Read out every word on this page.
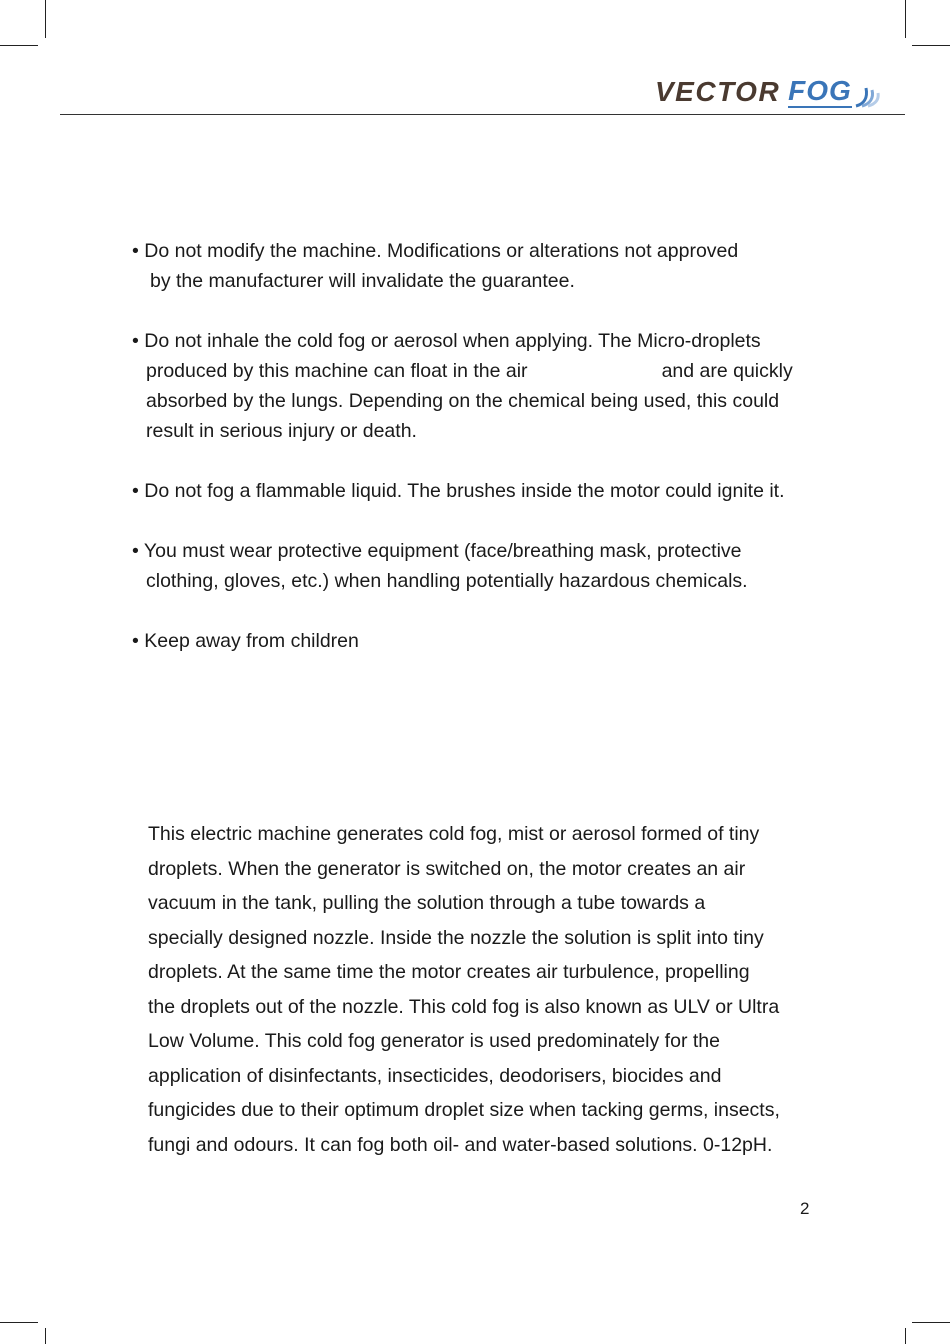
VECTOR FOG
• Do not modify the machine. Modifications or alterations not approved
by the manufacturer will invalidate the guarantee.
• Do not inhale the cold fog or aerosol when applying. The Micro-droplets
produced by this machine can float in the air	and are quickly
absorbed by the lungs. Depending on the chemical being used, this could
result in serious injury or death.
• Do not fog a flammable liquid. The brushes inside the motor could ignite it.
• You must wear protective equipment (face/breathing mask, protective
clothing, gloves, etc.) when handling potentially hazardous chemicals.
• Keep away from children

This electric machine generates cold fog, mist or aerosol formed of tiny

droplets. When the generator is switched on, the motor creates an air

vacuum in the tank, pulling the solution through a tube towards a

specially designed nozzle. Inside the nozzle the solution is split into tiny

droplets. At the same time the motor creates air turbulence, propelling

the droplets out of the nozzle. This cold fog is also known as ULV or Ultra

Low Volume. This cold fog generator is used predominately for the

application of disinfectants, insecticides, deodorisers, biocides and

fungicides due to their optimum droplet size when tacking germs, insects,

fungi and odours. It can fog both oil- and water-based solutions. 0-12pH.

2
